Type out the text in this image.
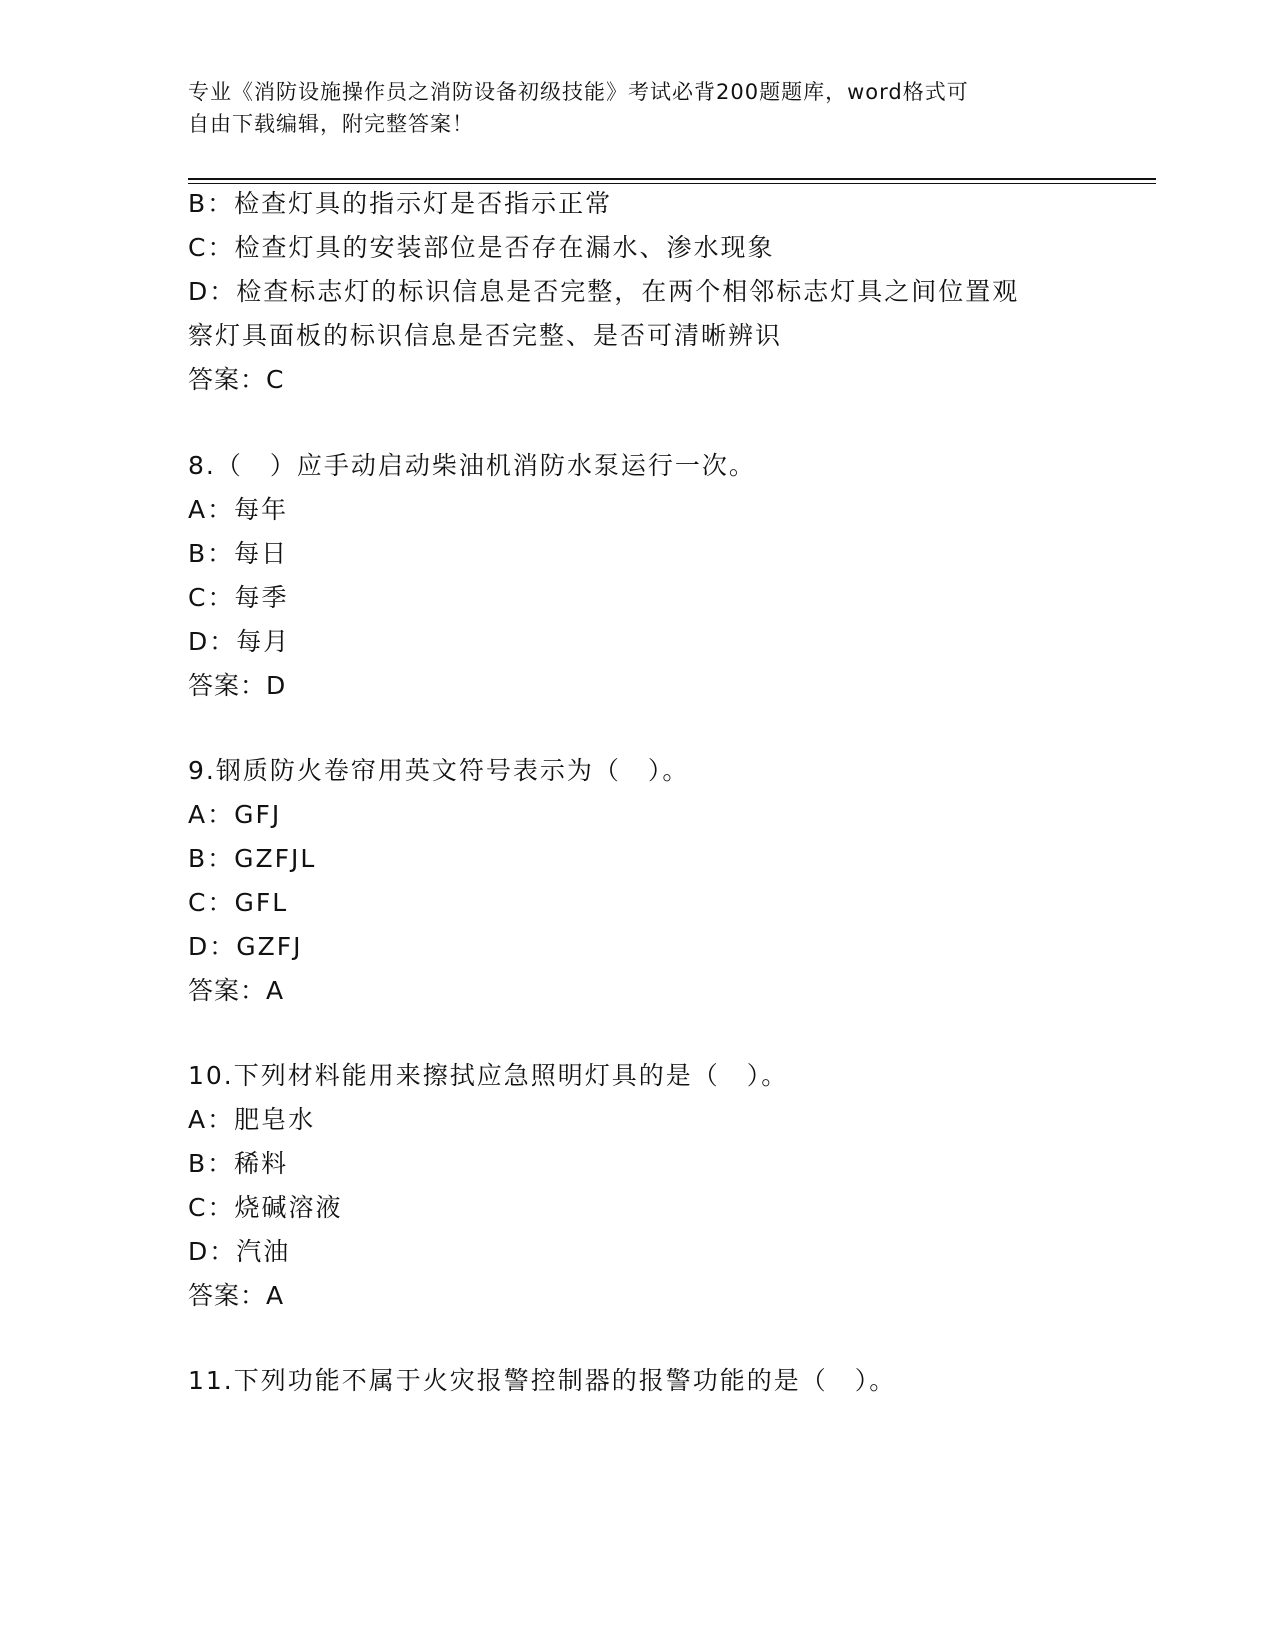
专业《消防设施操作员之消防设备初级技能》考试必背200题题库，word格式可
自由下载编辑，附完整答案！
B：检查灯具的指示灯是否指示正常
C：检查灯具的安装部位是否存在漏水、渗水现象
D：检查标志灯的标识信息是否完整，在两个相邻标志灯具之间位置观
察灯具面板的标识信息是否完整、是否可清晰辨识
答案：C
8.（　）应手动启动柴油机消防水泵运行一次。
A：每年
B：每日
C：每季
D：每月
答案：D
9.钢质防火卷帘用英文符号表示为（　）。
A：GFJ
B：GZFJL
C：GFL
D：GZFJ
答案：A
10.下列材料能用来擦拭应急照明灯具的是（　）。
A：肥皂水
B：稀料
C：烧碱溶液
D：汽油
答案：A
11.下列功能不属于火灾报警控制器的报警功能的是（　）。
